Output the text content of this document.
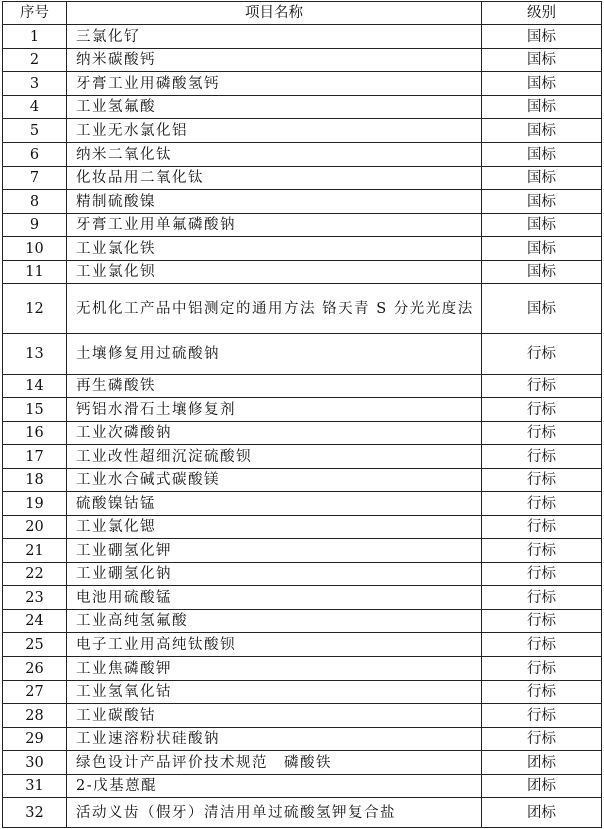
序号	项目名称	级别
1	三氯化钌	国标
2	纳米碳酸钙	国标
3	牙膏工业用磷酸氢钙	国标
4	工业氢氟酸	国标
5	工业无水氯化铝	国标
6	纳米二氧化钛	国标
7	化妆品用二氧化钛	国标
8	精制硫酸镍	国标
9	牙膏工业用单氟磷酸钠	国标
10	工业氯化铁	国标
11	工业氯化钡	国标
12	无机化工产品中铝测定的通用方法 铬天青 S 分光光度法	国标
13	土壤修复用过硫酸钠	行标
14	再生磷酸铁	行标
15	钙铝水滑石土壤修复剂	行标
16	工业次磷酸钠	行标
17	工业改性超细沉淀硫酸钡	行标
18	工业水合碱式碳酸镁	行标
19	硫酸镍钴锰	行标
20	工业氯化锶	行标
21	工业硼氢化钾	行标
22	工业硼氢化钠	行标
23	电池用硫酸锰	行标
24	工业高纯氢氟酸	行标
25	电子工业用高纯钛酸钡	行标
26	工业焦磷酸钾	行标
27	工业氢氧化钴	行标
28	工业碳酸钴	行标
29	工业速溶粉状硅酸钠	行标
30	绿色设计产品评价技术规范　磷酸铁	团标
31	2-戊基蒽醌	团标
32	活动义齿（假牙）清洁用单过硫酸氢钾复合盐	团标
